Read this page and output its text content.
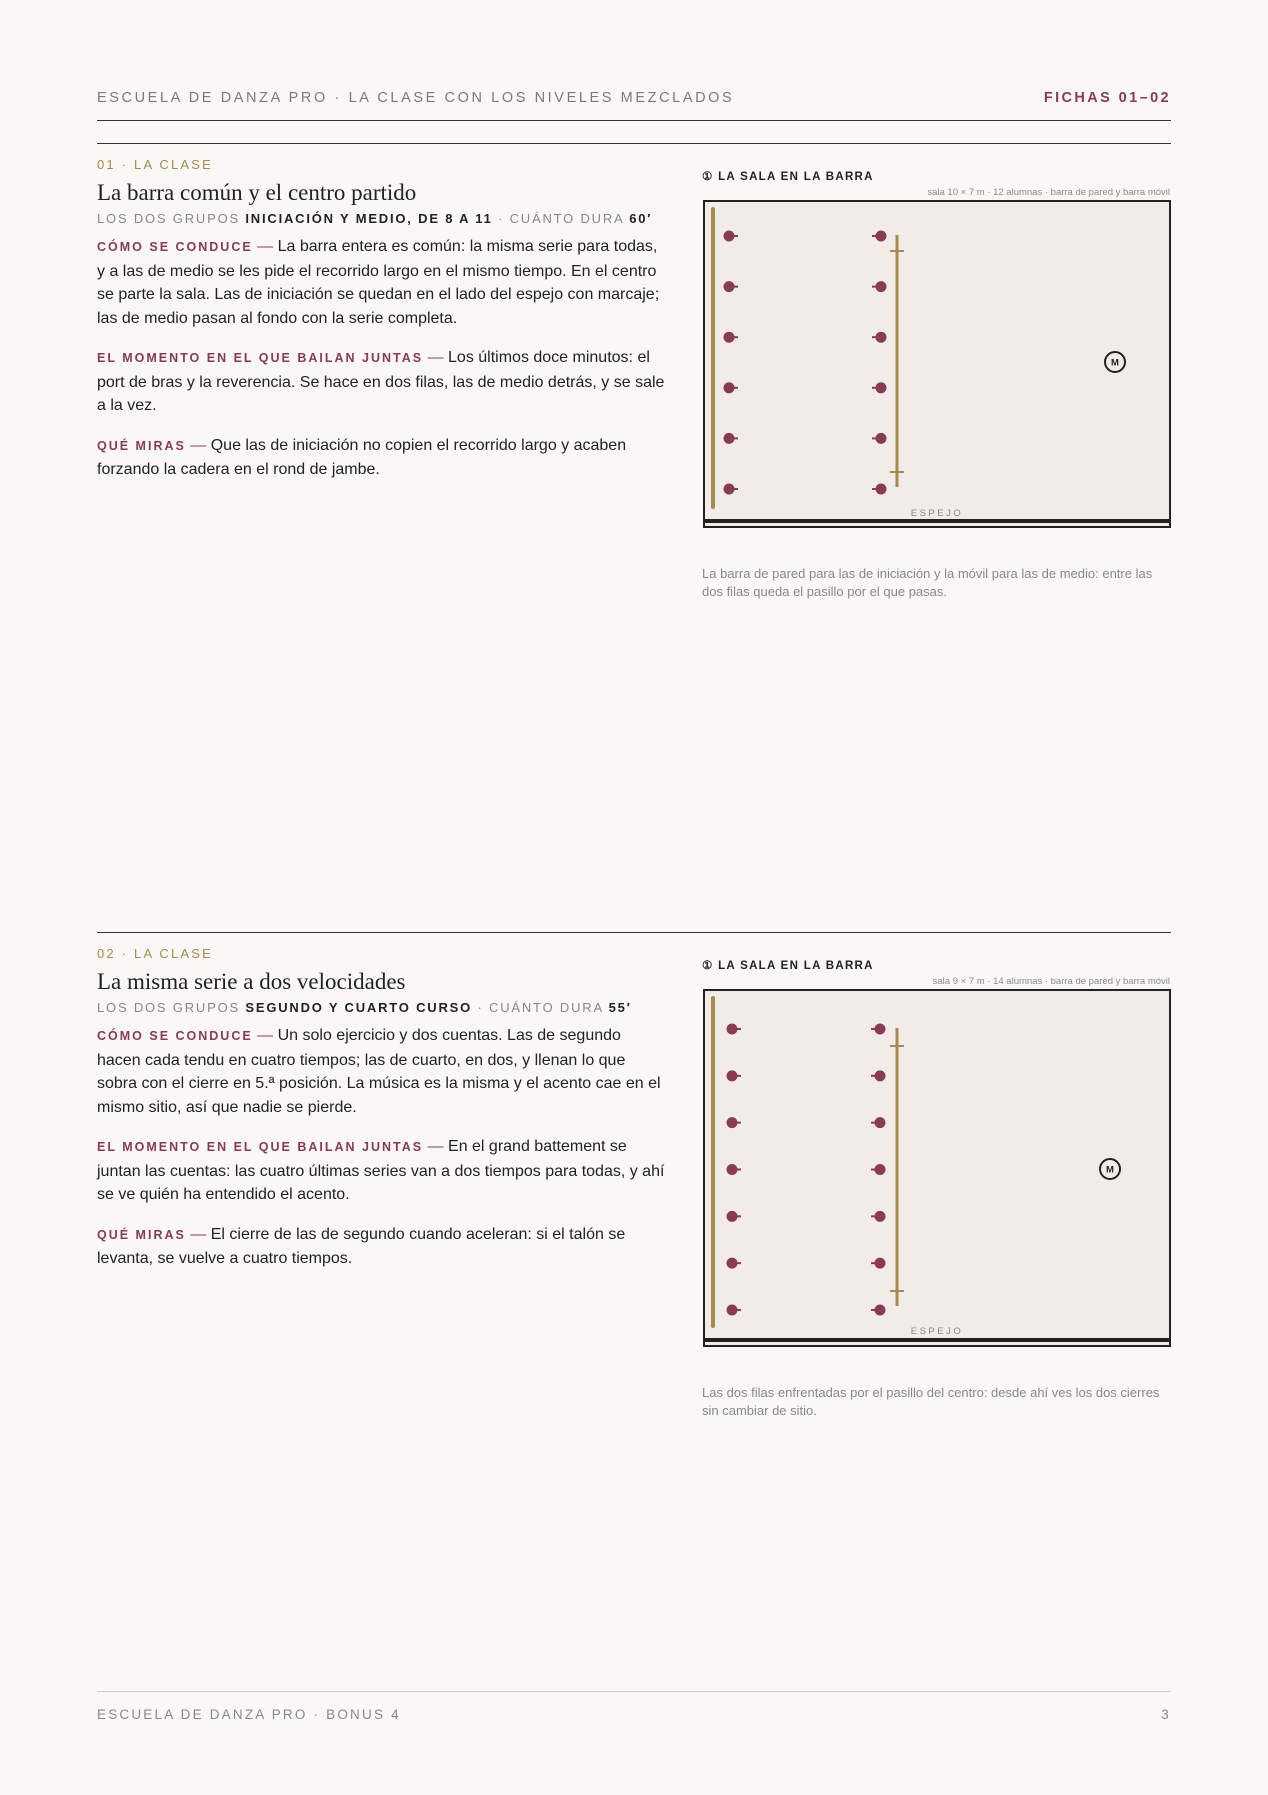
ESCUELA DE DANZA PRO · LA CLASE CON LOS NIVELES MEZCLADOS	FICHAS 01–02
01 · LA CLASE
La barra común y el centro partido
LOS DOS GRUPOS INICIACIÓN Y MEDIO, DE 8 A 11 · CUÁNTO DURA 60′

CÓMO SE CONDUCE — La barra entera es común: la misma serie para todas, y a las de medio se les pide el recorrido largo en el mismo tiempo. En el centro se parte la sala. Las de iniciación se quedan en el lado del espejo con marcaje; las de medio pasan al fondo con la serie completa.

EL MOMENTO EN EL QUE BAILAN JUNTAS — Los últimos doce minutos: el port de bras y la reverencia. Se hace en dos filas, las de medio detrás, y se sale a la vez.

QUÉ MIRAS — Que las de iniciación no copien el recorrido largo y acaben forzando la cadera en el rond de jambe.

① LA SALA EN LA BARRA
sala 10 × 7 m · 12 alumnas · barra de pared y barra móvil
ESPEJO
M
La barra de pared para las de iniciación y la móvil para las de medio: entre las dos filas queda el pasillo por el que pasas.
02 · LA CLASE
La misma serie a dos velocidades
LOS DOS GRUPOS SEGUNDO Y CUARTO CURSO · CUÁNTO DURA 55′

CÓMO SE CONDUCE — Un solo ejercicio y dos cuentas. Las de segundo hacen cada tendu en cuatro tiempos; las de cuarto, en dos, y llenan lo que sobra con el cierre en 5.ª posición. La música es la misma y el acento cae en el mismo sitio, así que nadie se pierde.

EL MOMENTO EN EL QUE BAILAN JUNTAS — En el grand battement se juntan las cuentas: las cuatro últimas series van a dos tiempos para todas, y ahí se ve quién ha entendido el acento.

QUÉ MIRAS — El cierre de las de segundo cuando aceleran: si el talón se levanta, se vuelve a cuatro tiempos.

① LA SALA EN LA BARRA
sala 9 × 7 m · 14 alumnas · barra de pared y barra móvil
ESPEJO
M
Las dos filas enfrentadas por el pasillo del centro: desde ahí ves los dos cierres sin cambiar de sitio.
ESCUELA DE DANZA PRO · BONUS 4	3
